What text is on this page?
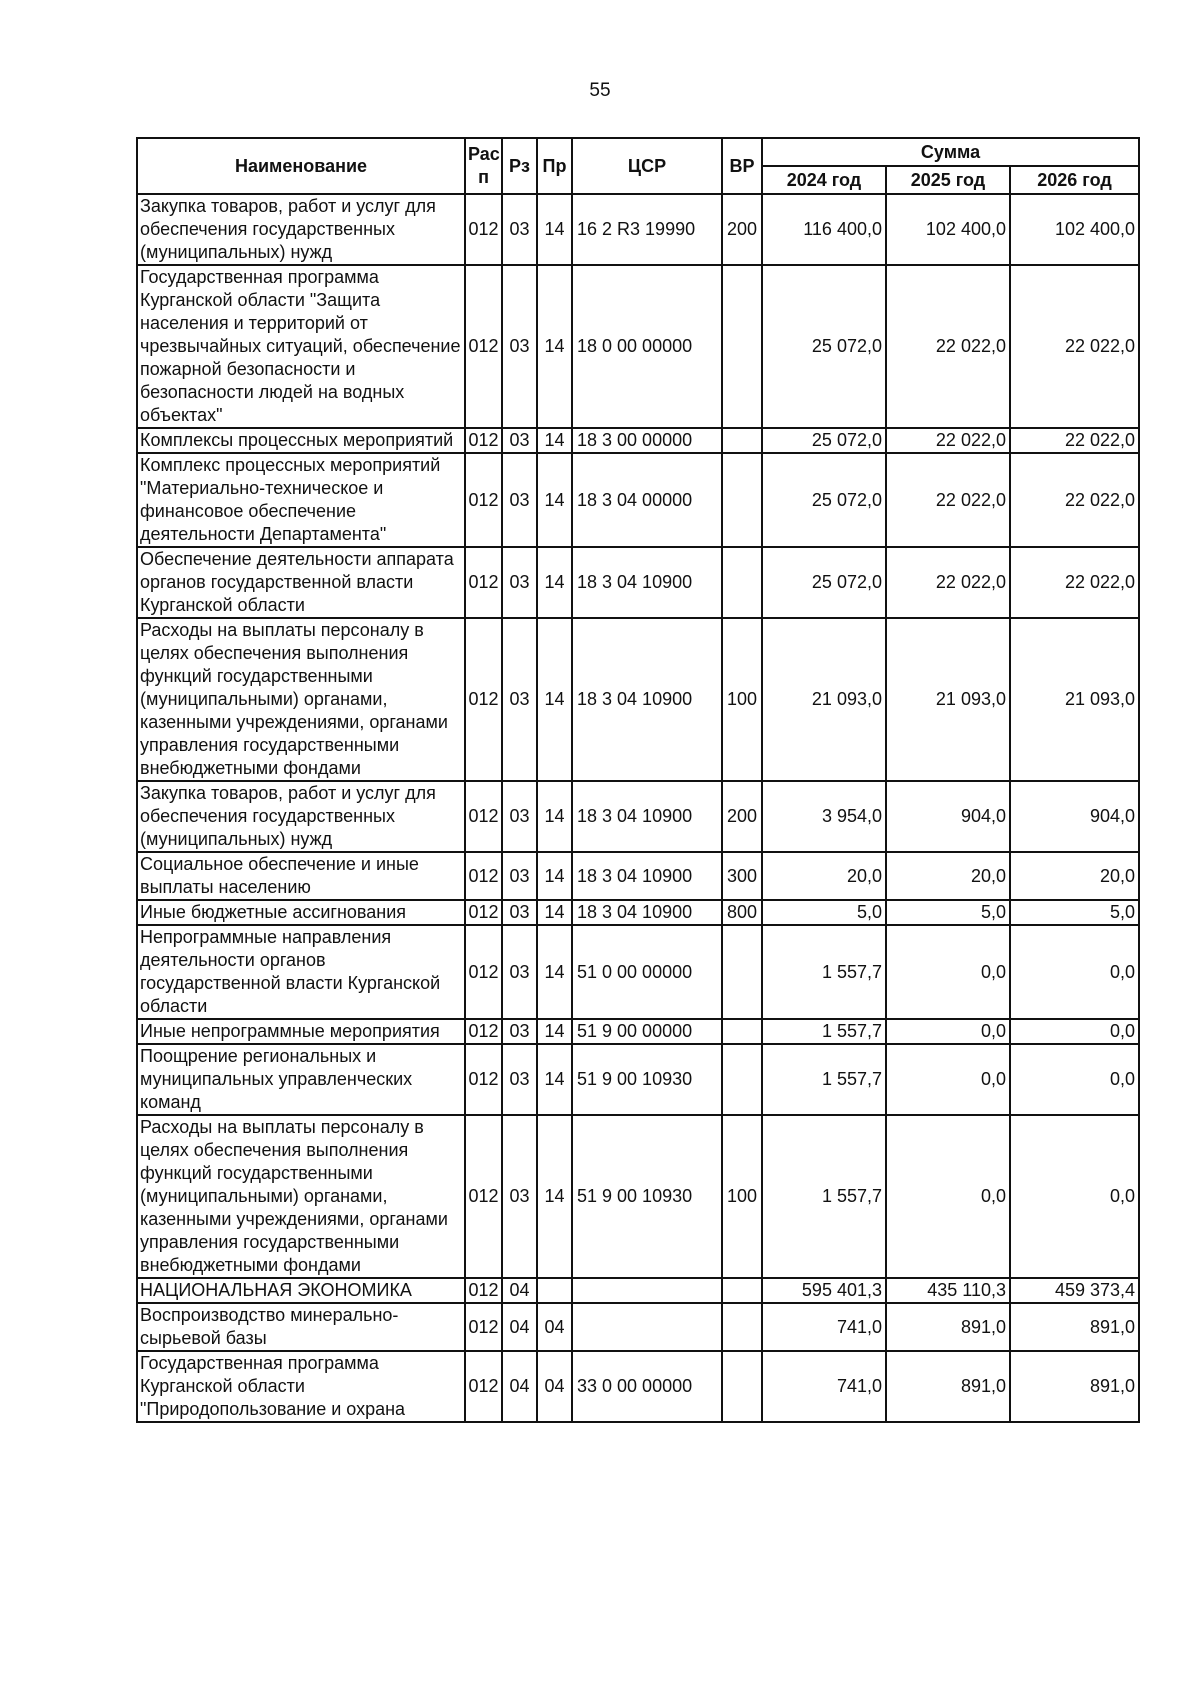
55
Наименование	Рас п	Рз	Пр	ЦСР	ВР	Сумма		
						2024 год	2025 год	2026 год
Закупка товаров, работ и услуг для обеспечения государственных (муниципальных) нужд	012	03	14	16 2 R3 19990	200	116 400,0	102 400,0	102 400,0
Государственная программа Курганской области "Защита населения и территорий от чрезвычайных ситуаций, обеспечение пожарной безопасности и безопасности людей на водных объектах"	012	03	14	18 0 00 00000		25 072,0	22 022,0	22 022,0
Комплексы процессных мероприятий	012	03	14	18 3 00 00000		25 072,0	22 022,0	22 022,0
Комплекс процессных мероприятий "Материально-техническое и финансовое обеспечение деятельности Департамента"	012	03	14	18 3 04 00000		25 072,0	22 022,0	22 022,0
Обеспечение деятельности аппарата органов государственной власти Курганской области	012	03	14	18 3 04 10900		25 072,0	22 022,0	22 022,0
Расходы на выплаты персоналу в целях обеспечения выполнения функций государственными (муниципальными) органами, казенными учреждениями, органами управления государственными внебюджетными фондами	012	03	14	18 3 04 10900	100	21 093,0	21 093,0	21 093,0
Закупка товаров, работ и услуг для обеспечения государственных (муниципальных) нужд	012	03	14	18 3 04 10900	200	3 954,0	904,0	904,0
Социальное обеспечение и иные выплаты населению	012	03	14	18 3 04 10900	300	20,0	20,0	20,0
Иные бюджетные ассигнования	012	03	14	18 3 04 10900	800	5,0	5,0	5,0
Непрограммные направления деятельности органов государственной власти Курганской области	012	03	14	51 0 00 00000		1 557,7	0,0	0,0
Иные непрограммные мероприятия	012	03	14	51 9 00 00000		1 557,7	0,0	0,0
Поощрение региональных и муниципальных управленческих команд	012	03	14	51 9 00 10930		1 557,7	0,0	0,0
Расходы на выплаты персоналу в целях обеспечения выполнения функций государственными (муниципальными) органами, казенными учреждениями, органами управления государственными внебюджетными фондами	012	03	14	51 9 00 10930	100	1 557,7	0,0	0,0
НАЦИОНАЛЬНАЯ ЭКОНОМИКА	012	04				595 401,3	435 110,3	459 373,4
Воспроизводство минерально-сырьевой базы	012	04	04			741,0	891,0	891,0
Государственная программа Курганской области "Природопользование и охрана	012	04	04	33 0 00 00000		741,0	891,0	891,0
